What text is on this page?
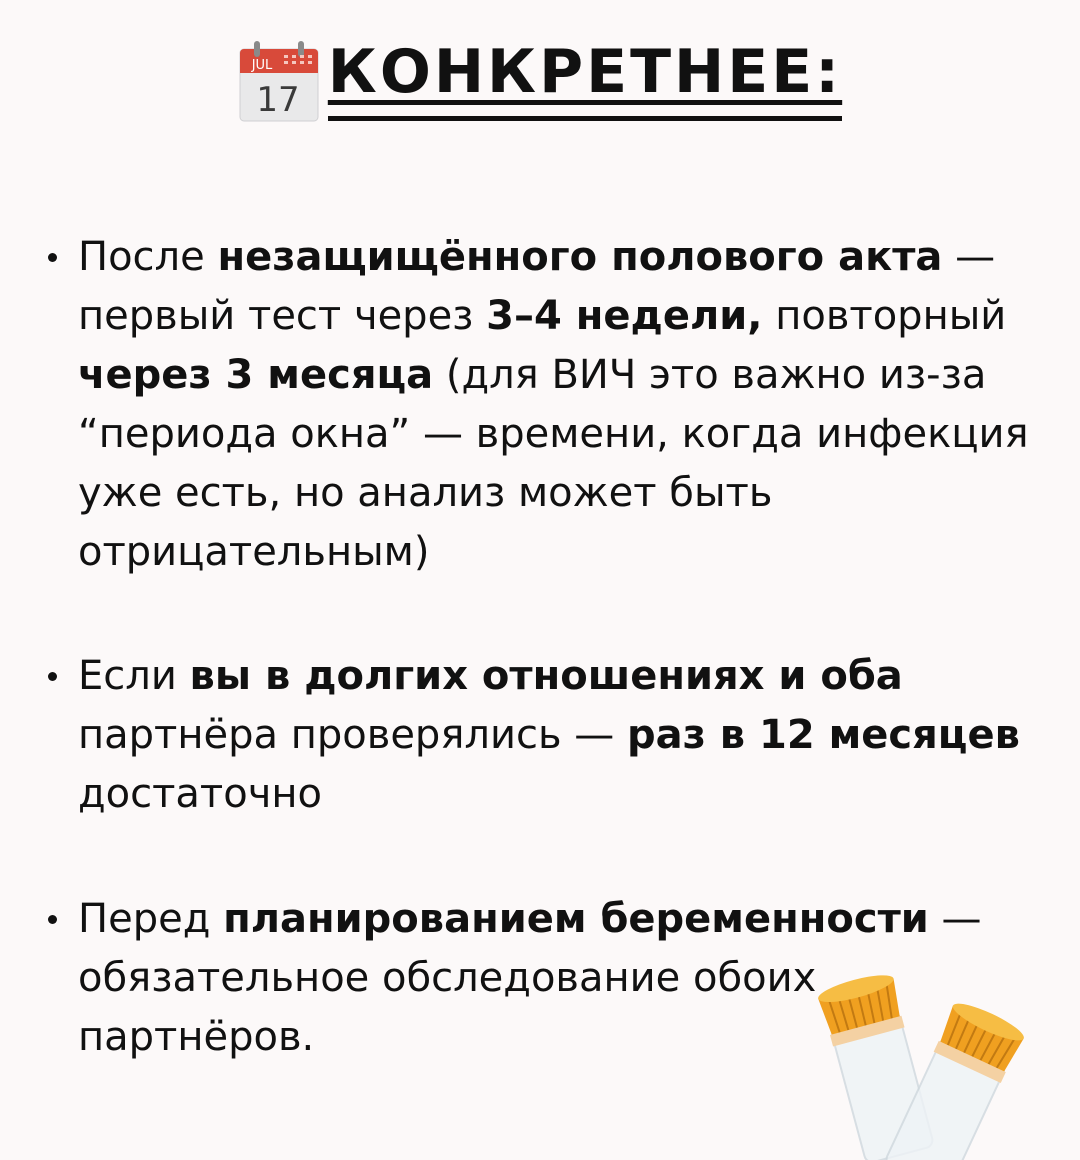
JUL
17 КОНКРЕТНЕЕ:
После незащищённого полового акта — первый тест через 3–4 недели, повторный через 3 месяца (для ВИЧ это важно из‑за “периода окна” — времени, когда инфекция уже есть, но анализ может быть отрицательным)
Если вы в долгих отношениях и оба партнёра проверялись — раз в 12 месяцев достаточно
Перед планированием беременности — обязательное обследование обоих партнёров.
